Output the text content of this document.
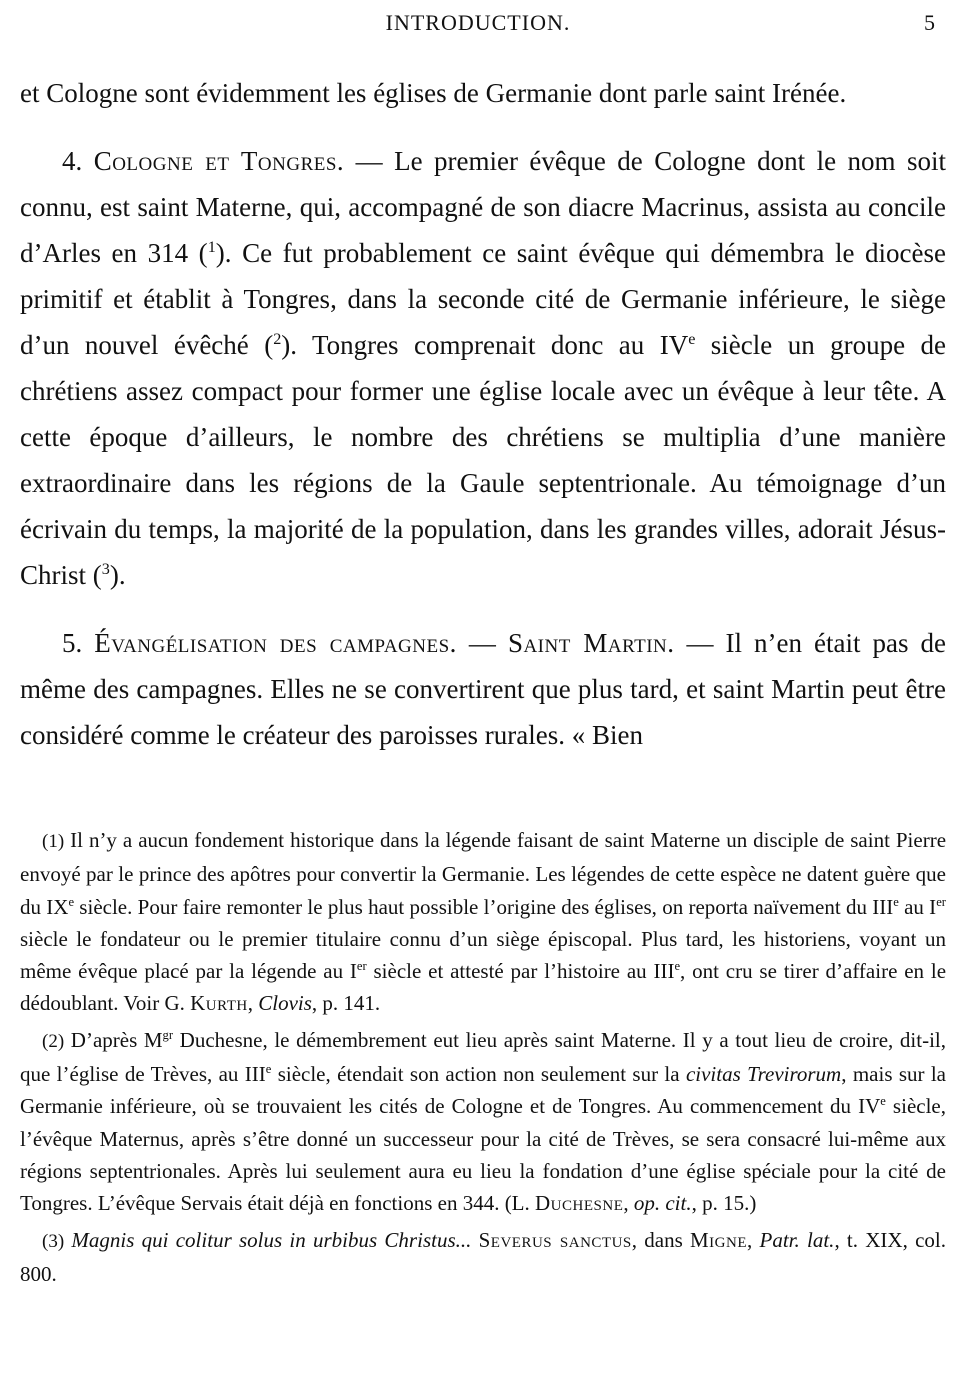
INTRODUCTION.	5

et Cologne sont évidemment les églises de Germanie dont parle saint Irénée.

4. Cologne et Tongres. — Le premier évêque de Cologne dont le nom soit connu, est saint Materne, qui, accompagné de son diacre Macrinus, assista au concile d’Arles en 314 ($^1$). Ce fut probablement ce saint évêque qui démembra le diocèse primitif et établit à Tongres, dans la seconde cité de Germanie inférieure, le siège d’un nouvel évêché ($^2$). Tongres comprenait donc au IVe siècle un groupe de chrétiens assez compact pour former une église locale avec un évêque à leur tête. A cette époque d’ailleurs, le nombre des chrétiens se multiplia d’une manière extraordinaire dans les régions de la Gaule septentrionale. Au témoignage d’un écrivain du temps, la majorité de la population, dans les grandes villes, adorait Jésus-Christ ($^3$).

5. Évangélisation des campagnes. — Saint Martin. — Il n’en était pas de même des campagnes. Elles ne se convertirent que plus tard, et saint Martin peut être considéré comme le créateur des paroisses rurales. « Bien

(1) Il n’y a aucun fondement historique dans la légende faisant de saint Materne un disciple de saint Pierre envoyé par le prince des apôtres pour convertir la Germanie. Les légendes de cette espèce ne datent guère que du IXe siècle. Pour faire remonter le plus haut possible l’origine des églises, on reporta naïvement du IIIe au Ier siècle le fondateur ou le premier titulaire connu d’un siège épiscopal. Plus tard, les historiens, voyant un même évêque placé par la légende au Ier siècle et attesté par l’histoire au IIIe, ont cru se tirer d’affaire en le dédoublant. Voir G. Kurth, Clovis, p. 141.

(2) D’après $M^{gr}$ Duchesne, le démembrement eut lieu après saint Materne. Il y a tout lieu de croire, dit-il, que l’église de Trèves, au IIIe siècle, étendait son action non seulement sur la civitas Trevirorum, mais sur la Germanie inférieure, où se trouvaient les cités de Cologne et de Tongres. Au commencement du IVe siècle, l’évêque Maternus, après s’être donné un successeur pour la cité de Trèves, se sera consacré lui-même aux régions septentrionales. Après lui seulement aura eu lieu la fondation d’une église spéciale pour la cité de Tongres. L’évêque Servais était déjà en fonctions en 344. (L. Duchesne, op. cit., p. 15.)

(3) Magnis qui colitur solus in urbibus Christus... Severus sanctus, dans Migne, Patr. lat., t. XIX, col. 800.
